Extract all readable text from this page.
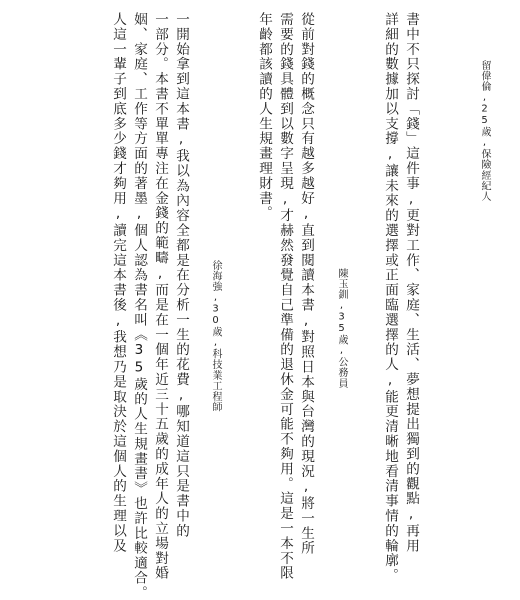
留偉倫,25歲,保險經紀人
書中不只探討「錢」這件事,更對工作、家庭、生活、夢想提出獨到的觀點,再用
詳細的數據加以支撐,讓未來的選擇或正面臨選擇的人,能更清晰地看清事情的輪廓。
陳玉釧,35歲,公務員
從前對錢的概念只有越多越好,直到閱讀本書,對照日本與台灣的現況,將一生所
需要的錢具體到以數字呈現,才赫然發覺自己準備的退休金可能不夠用。這是一本不限
年齡都該讀的人生規畫理財書。
徐海強,30歲,科技業工程師
一開始拿到這本書,我以為內容全都是在分析一生的花費,哪知道這只是書中的
一部分。本書不單單專注在金錢的範疇,而是在一個年近三十五歲的成年人的立場對婚
姻、家庭、工作等方面的著墨,個人認為書名叫《35歲的人生規畫書》也許比較適合。
人這一輩子到底多少錢才夠用,讀完這本書後,我想乃是取決於這個人的生理以及
